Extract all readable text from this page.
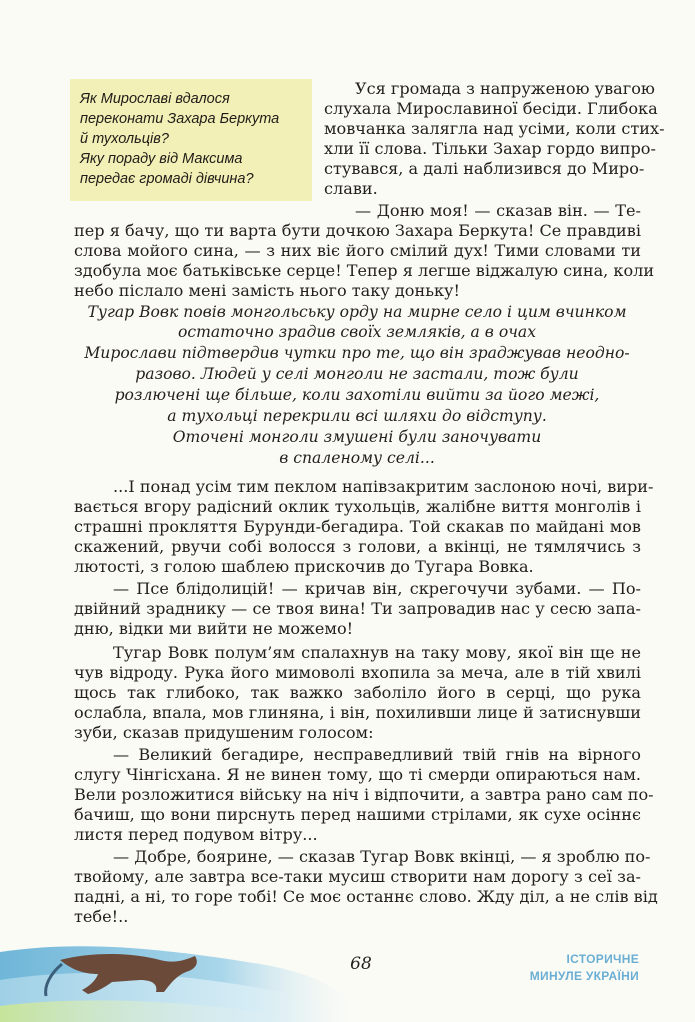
Як Мирославі вдалося
переконати Захара Беркута
й тухольців?
Яку пораду від Максима
передає громаді дівчина?
Уся громада з напруженою увагою
слухала Мирославиної бесіди. Глибока
мовчанка залягла над усіми, коли стих-
хли її слова. Тільки Захар гордо випро-
стувався, а далі наблизився до Миро-
слави.
— Доню моя! — сказав він. — Те-
пер я бачу, що ти варта бути дочкою Захара Беркута! Се правдиві
слова мойого сина, — з них віє його смілий дух! Тими словами ти
здобула моє батьківське серце! Тепер я легше віджалую сина, коли
небо післало мені замість нього таку доньку!
Тугар Вовк повів монгольську орду на мирне село і цим вчинком
остаточно зрадив своїх земляків, а в очах
Мирослави підтвердив чутки про те, що він зраджував неодно-
разово. Людей у селі монголи не застали, тож були
розлючені ще більше, коли захотіли вийти за його межі,
а тухольці перекрили всі шляхи до відступу.
Оточені монголи змушені були заночувати
в спаленому селі...
...І понад усім тим пеклом напівзакритим заслоною ночі, вири-
вається вгору радісний оклик тухольців, жалібне виття монголів і
страшні прокляття Бурунди-бегадира. Той скакав по майдані мов
скажений, рвучи собі волосся з голови, а вкінці, не тямлячись з
лютості, з голою шаблею прискочив до Тугара Вовка.
— Псе блідолицій! — кричав він, скрегочучи зубами. — По-
двійний зраднику — се твоя вина! Ти запровадив нас у сесю запа-
дню, відки ми вийти не можемо!
Тугар Вовк полум’ям спалахнув на таку мову, якої він ще не
чув відроду. Рука його мимоволі вхопила за меча, але в тій хвилі
щось так глибоко, так важко заболіло його в серці, що рука
ослабла, впала, мов глиняна, і він, похиливши лице й затиснувши
зуби, сказав придушеним голосом:
— Великий бегадире, несправедливий твій гнів на вірного
слугу Чінгісхана. Я не винен тому, що ті смерди опираються нам.
Вели розложитися війську на ніч і відпочити, а завтра рано сам по-
бачиш, що вони пирснуть перед нашими стрілами, як сухе осіннє
листя перед подувом вітру...
— Добре, боярине, — сказав Тугар Вовк вкінці, — я зроблю по-
твойому, але завтра все-таки мусиш створити нам дорогу з сеї за-
падні, а ні, то горе тобі! Се моє останнє слово. Жду діл, а не слів від
тебе!..
68	ІСТОРИЧНЕ
МИНУЛЕ УКРАЇНИ
